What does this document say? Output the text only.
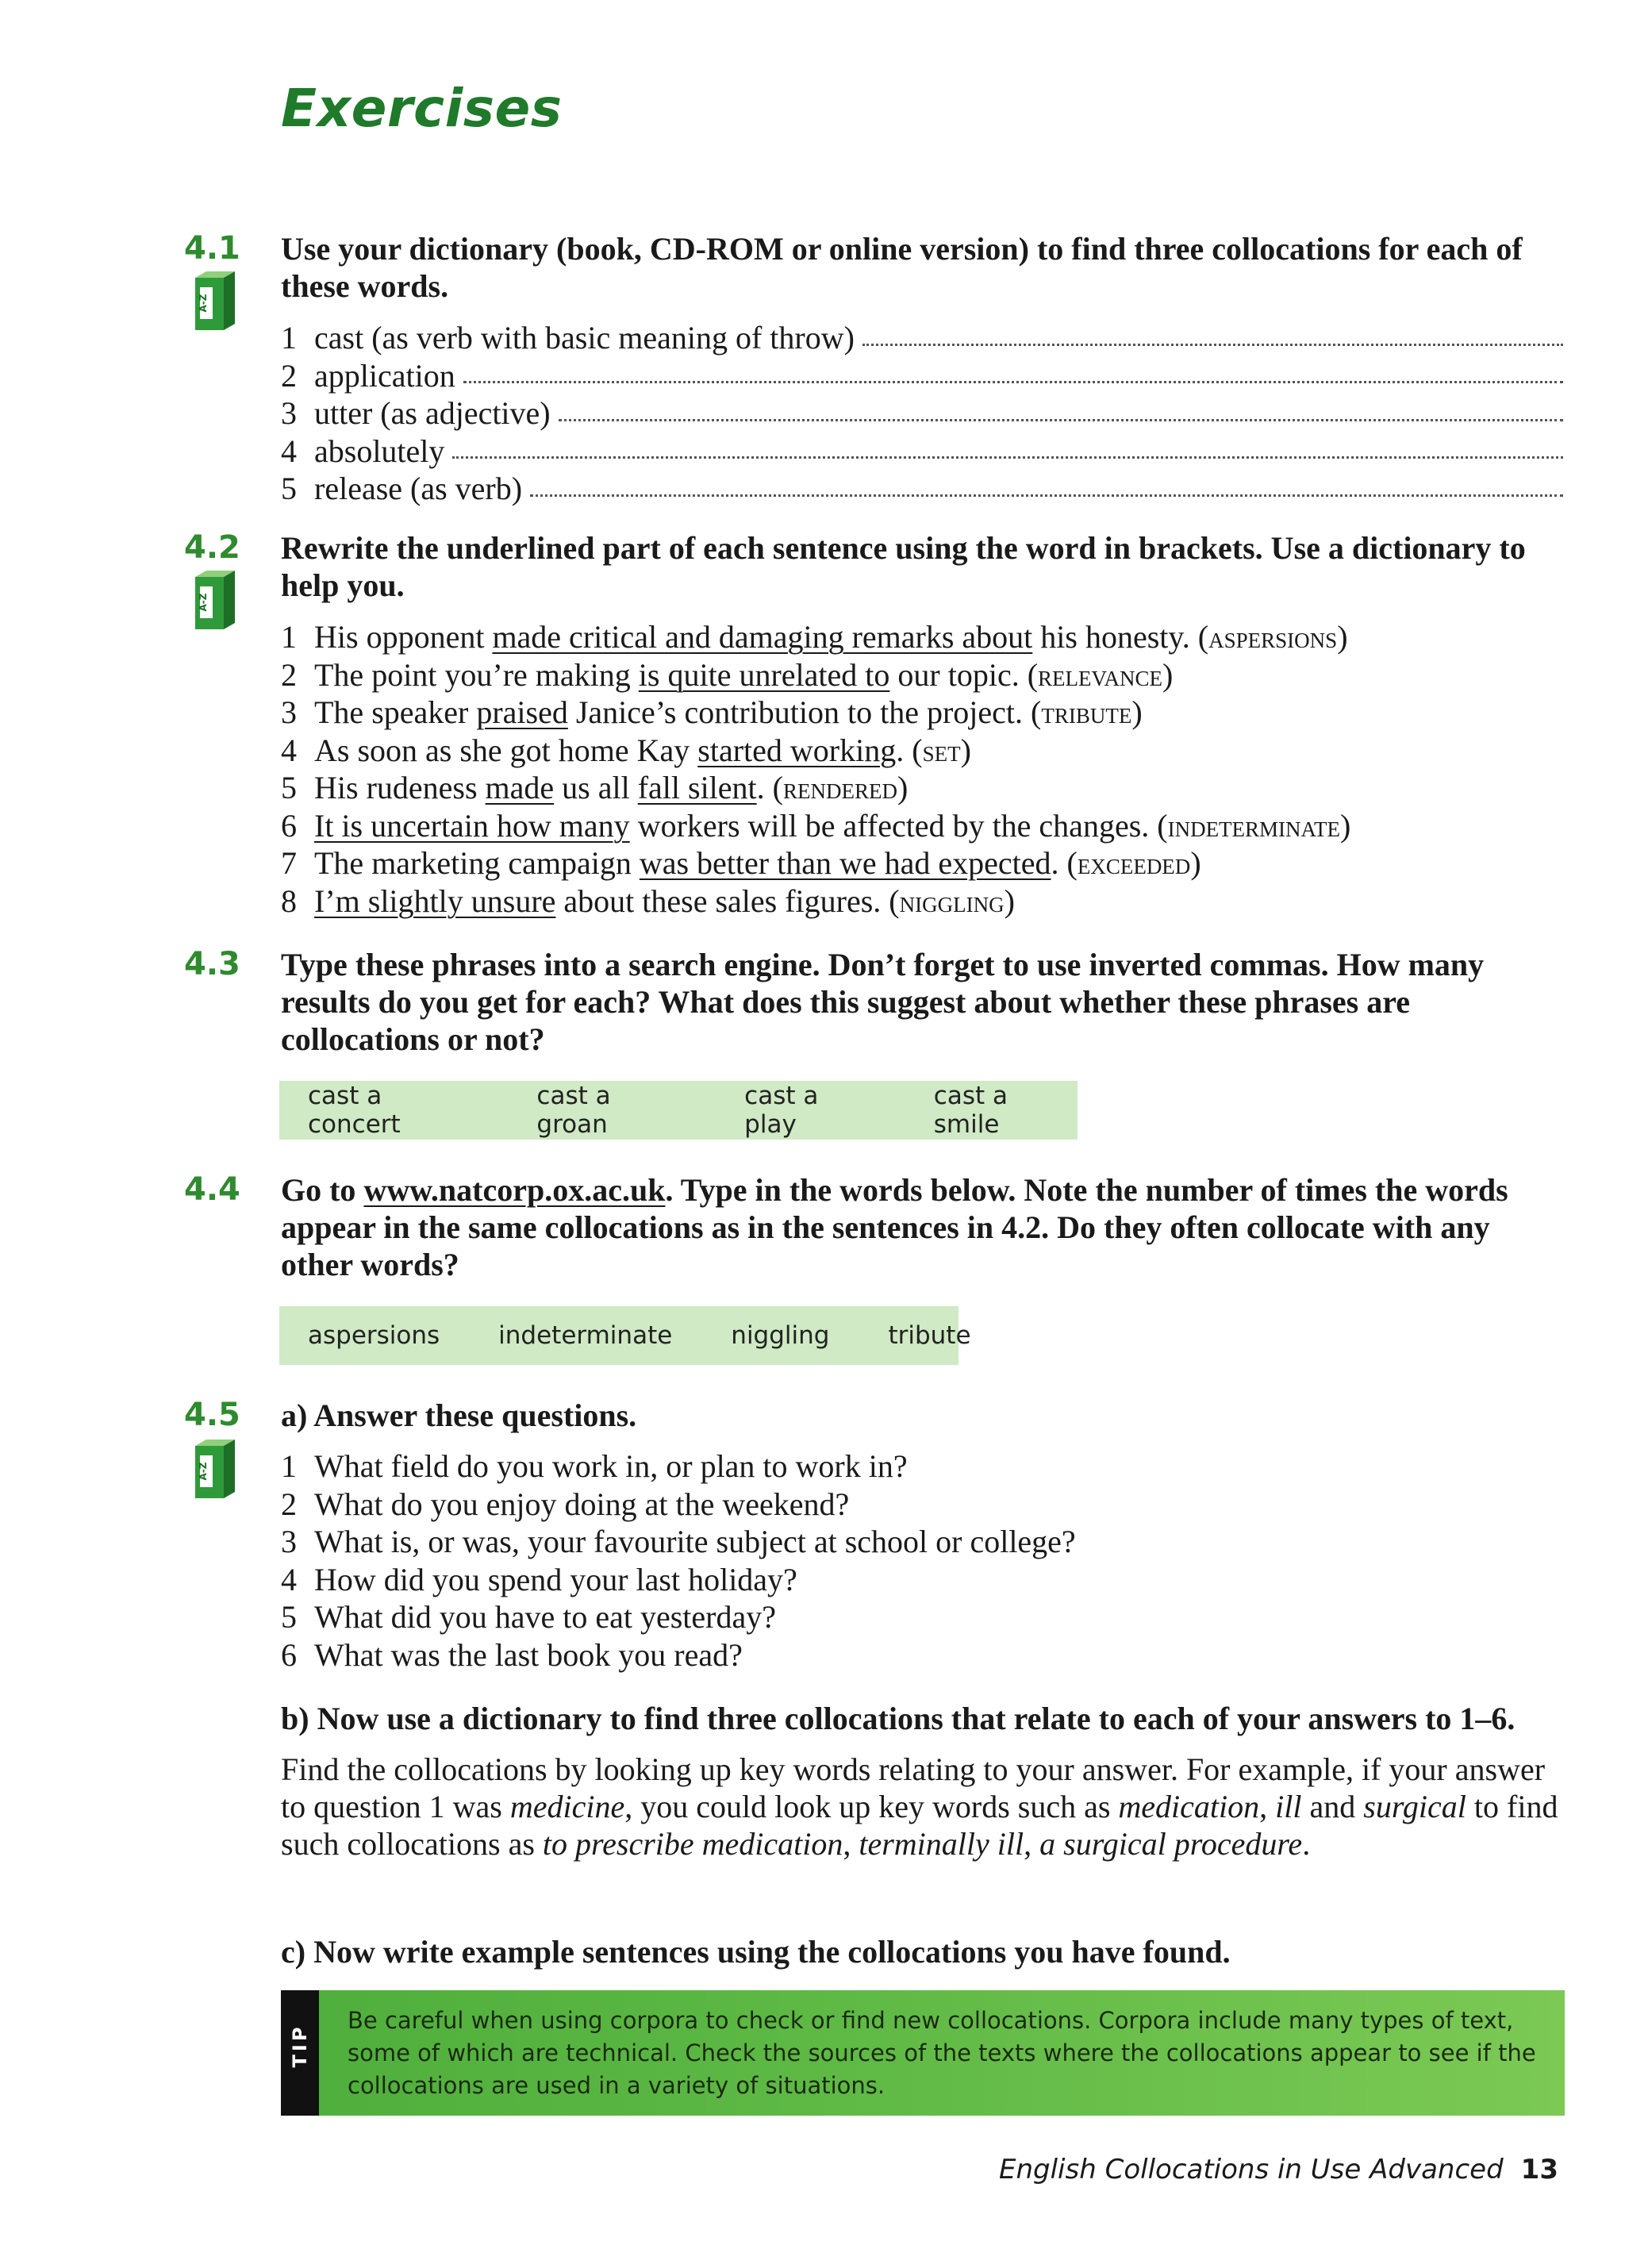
Exercises
4.1
A-Z

Use your dictionary (book, CD-ROM or online version) to find three collocations for each of these words.

1 cast (as verb with basic meaning of throw)
2 application
3 utter (as adjective)
4 absolutely
5 release (as verb)
4.2
A-Z

Rewrite the underlined part of each sentence using the word in brackets. Use a dictionary to help you.

1 His opponent made critical and damaging remarks about his honesty. (aspersions)
2 The point you’re making is quite unrelated to our topic. (relevance)
3 The speaker praised Janice’s contribution to the project. (tribute)
4 As soon as she got home Kay started working. (set)
5 His rudeness made us all fall silent. (rendered)
6 It is uncertain how many workers will be affected by the changes. (indeterminate)
7 The marketing campaign was better than we had expected. (exceeded)
8 I’m slightly unsure about these sales figures. (niggling)
4.3 Type these phrases into a search engine. Don’t forget to use inverted commas. How many results do you get for each? What does this suggest about whether these phrases are collocations or not?

cast a concert
cast a groan
cast a play
cast a smile
4.4 Go to www.natcorp.ox.ac.uk. Type in the words below. Note the number of times the words appear in the same collocations as in the sentences in 4.2. Do they often collocate with any other words?

aspersions indeterminate niggling tribute
4.5
A-Z

a) Answer these questions.

1 What field do you work in, or plan to work in?
2 What do you enjoy doing at the weekend?
3 What is, or was, your favourite subject at school or college?
4 How did you spend your last holiday?
5 What did you have to eat yesterday?
6 What was the last book you read?

b) Now use a dictionary to find three collocations that relate to each of your answers to 1–6.

Find the collocations by looking up key words relating to your answer. For example, if your answer to question 1 was medicine, you could look up key words such as medication, ill and surgical to find such collocations as to prescribe medication, terminally ill, a surgical procedure.

c) Now write example sentences using the collocations you have found.

TIP

Be careful when using corpora to check or find new collocations. Corpora include many types of text, some of which are technical. Check the sources of the texts where the collocations appear to see if the collocations are used in a variety of situations.

English Collocations in Use Advanced 13
